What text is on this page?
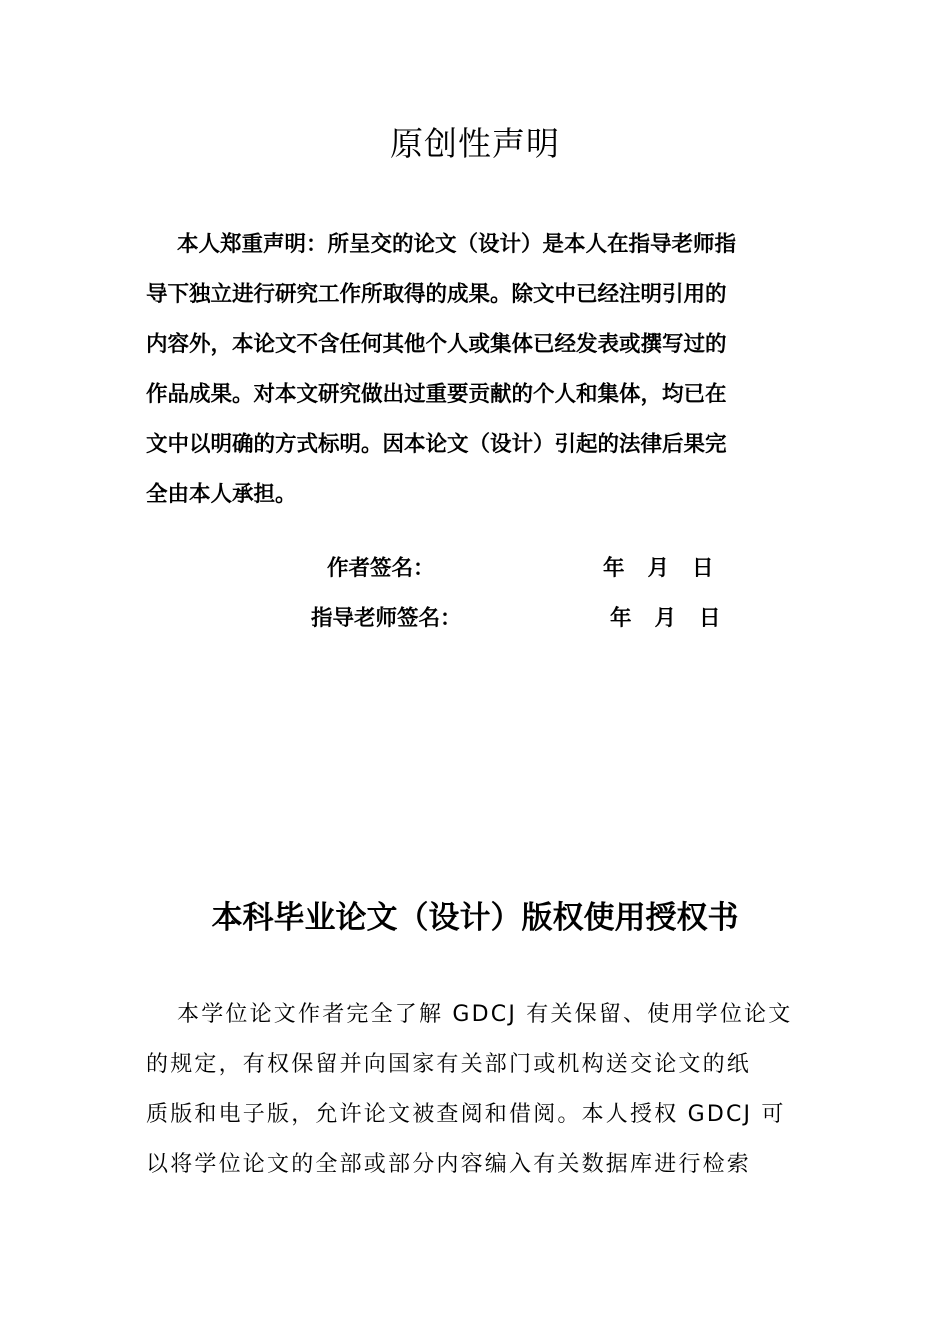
原创性声明
本人郑重声明：所呈交的论文（设计）是本人在指导老师指
导下独立进行研究工作所取得的成果。除文中已经注明引用的
内容外，本论文不含任何其他个人或集体已经发表或撰写过的
作品成果。对本文研究做出过重要贡献的个人和集体，均已在
文中以明确的方式标明。因本论文（设计）引起的法律后果完
全由本人承担。
作者签名：	年  月  日
指导老师签名：	年  月  日
本科毕业论文（设计）版权使用授权书
本学位论文作者完全了解 GDCJ 有关保留、使用学位论文
的规定，有权保留并向国家有关部门或机构送交论文的纸
质版和电子版，允许论文被查阅和借阅。本人授权 GDCJ 可
以将学位论文的全部或部分内容编入有关数据库进行检索
